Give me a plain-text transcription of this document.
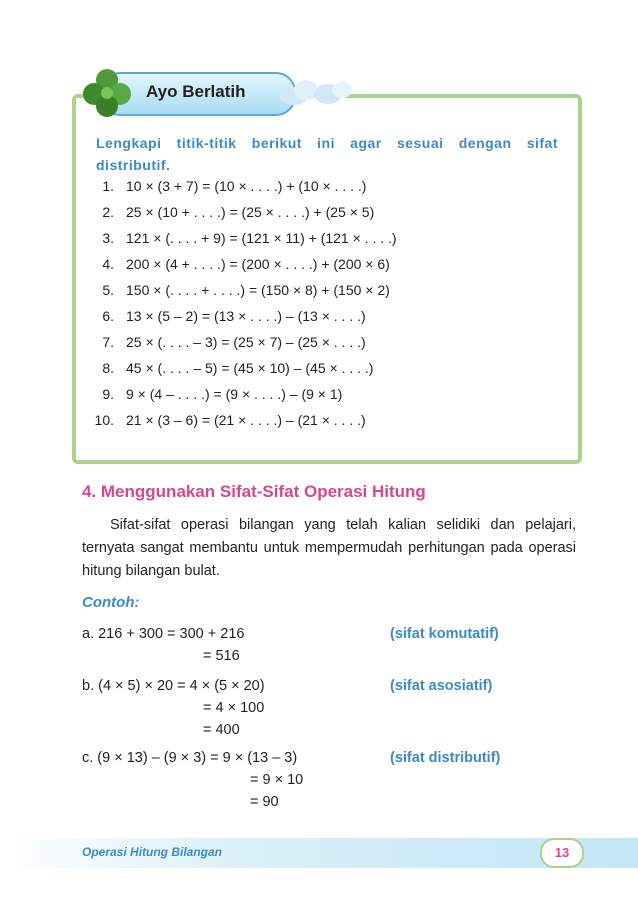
Ayo Berlatih
Lengkapi titik-titik berikut ini agar sesuai dengan sifat distributif.
1. 10 × (3 + 7) = (10 × . . . .) + (10 × . . . .)
2. 25 × (10 + . . . .) = (25 × . . . .) + (25 × 5)
3. 121 × (. . . . + 9) = (121 × 11) + (121 × . . . .)
4. 200 × (4 + . . . .) = (200 × . . . .) + (200 × 6)
5. 150 × (. . . . + . . . .) = (150 × 8) + (150 × 2)
6. 13 × (5 – 2) = (13 × . . . .) – (13 × . . . .)
7. 25 × (. . . . – 3) = (25 × 7) – (25 × . . . .)
8. 45 × (. . . . – 5) = (45 × 10) – (45 × . . . .)
9. 9 × (4 – . . . .) = (9 × . . . .) – (9 × 1)
10. 21 × (3 – 6) = (21 × . . . .) – (21 × . . . .)
4. Menggunakan Sifat-Sifat Operasi Hitung
Sifat-sifat operasi bilangan yang telah kalian selidiki dan pelajari, ternyata sangat membantu untuk mempermudah perhitungan pada operasi hitung bilangan bulat.
Contoh:
a. 216 + 300 = 300 + 216
= 516
(sifat komutatif)
b. (4 × 5) × 20 = 4 × (5 × 20)
= 4 × 100
= 400
(sifat asosiatif)
c. (9 × 13) – (9 × 3) = 9 × (13 – 3)
= 9 × 10
= 90
(sifat distributif)
Operasi Hitung Bilangan	13
